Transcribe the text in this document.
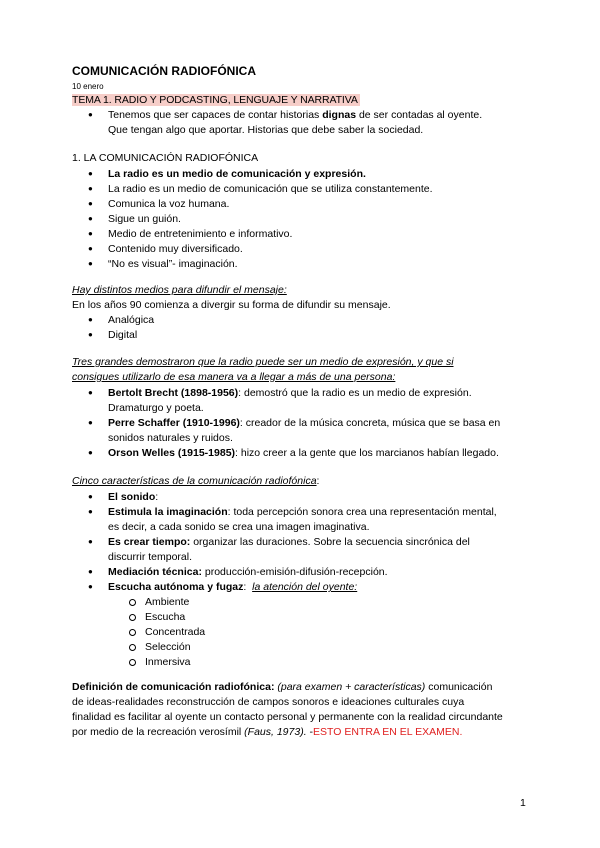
COMUNICACIÓN RADIOFÓNICA
10 enero
TEMA 1. RADIO Y PODCASTING, LENGUAJE Y NARRATIVA
● Tenemos que ser capaces de contar historias dignas de ser contadas al oyente.
Que tengan algo que aportar. Historias que debe saber la sociedad.
1. LA COMUNICACIÓN RADIOFÓNICA
● La radio es un medio de comunicación y expresión.
● La radio es un medio de comunicación que se utiliza constantemente.
● Comunica la voz humana.
● Sigue un guión.
● Medio de entretenimiento e informativo.
● Contenido muy diversificado.
● “No es visual”- imaginación.
Hay distintos medios para difundir el mensaje:
En los años 90 comienza a divergir su forma de difundir su mensaje.
● Analógica
● Digital
Tres grandes demostraron que la radio puede ser un medio de expresión, y que si
consigues utilizarlo de esa manera va a llegar a más de una persona:
● Bertolt Brecht (1898-1956): demostró que la radio es un medio de expresión.
Dramaturgo y poeta.
● Perre Schaffer (1910-1996): creador de la música concreta, música que se basa en
sonidos naturales y ruidos.
● Orson Welles (1915-1985): hizo creer a la gente que los marcianos habían llegado.
Cinco características de la comunicación radiofónica:
● El sonido:
● Estimula la imaginación: toda percepción sonora crea una representación mental,
es decir, a cada sonido se crea una imagen imaginativa.
● Es crear tiempo: organizar las duraciones. Sobre la secuencia sincrónica del
discurrir temporal.
● Mediación técnica: producción-emisión-difusión-recepción.
● Escucha autónoma y fugaz:  la atención del oyente:
Ambiente
Escucha
Concentrada
Selección
Inmersiva
Definición de comunicación radiofónica: (para examen + características) comunicación
de ideas-realidades reconstrucción de campos sonoros e ideaciones culturales cuya
finalidad es facilitar al oyente un contacto personal y permanente con la realidad circundante
por medio de la recreación verosímil (Faus, 1973). -ESTO ENTRA EN EL EXAMEN.
1
